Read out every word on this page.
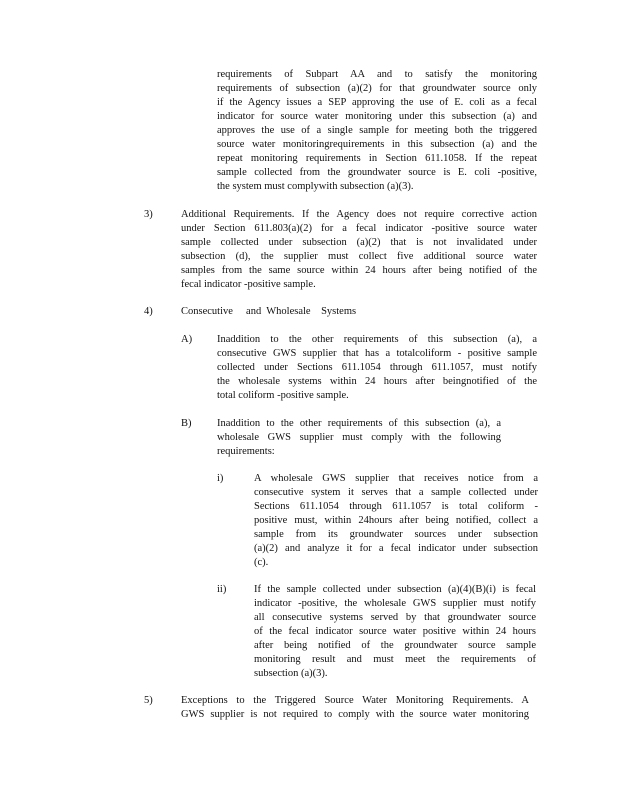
requirements of Subpart AA and to satisfy the monitoring
requirements of subsection (a)(2) for that groundwater source only
if the Agency issues a SEP approving the use of E. coli as a fecal
indicator for source water monitoring under this subsection (a) and
approves the use of a single sample for meeting both the triggered
source water monitoringrequirements in this subsection (a) and the
repeat monitoring requirements in Section 611.1058. If the repeat
sample collected from the groundwater source is E. coli -positive,
the system must complywith subsection (a)(3).
3)	Additional Requirements. If the Agency does not require corrective action
under Section 611.803(a)(2) for a fecal indicator -positive source water
sample collected under subsection (a)(2) that is not invalidated under
subsection (d), the supplier must collect five additional source water
samples from the same source within 24 hours after being notified of the
fecal indicator -positive sample.
4)	Consecutive     and  Wholesale    Systems
A) Inaddition to the other requirements of this subsection (a), a
consecutive GWS supplier that has a totalcoliform - positive sample
collected under Sections 611.1054 through 611.1057, must notify
the wholesale systems within 24 hours after beingnotified of the
total coliform -positive sample.
B) Inaddition to the other requirements of this subsection (a), a
wholesale GWS supplier must comply with the following
requirements:
i)	A wholesale GWS supplier that receives notice from a
consecutive system it serves that a sample collected under
Sections 611.1054 through 611.1057 is total coliform -
positive must, within 24hours after being notified, collect a
sample from its groundwater sources under subsection
(a)(2) and analyze it for a fecal indicator under subsection
(c).
ii)	If the sample collected under subsection (a)(4)(B)(i) is fecal
indicator -positive, the wholesale GWS supplier must notify
all consecutive systems served by that groundwater source
of the fecal indicator source water positive within 24 hours
after being notified of the groundwater source sample
monitoring result and must meet the requirements of
subsection (a)(3).
5)	Exceptions to the Triggered Source Water Monitoring Requirements. A
GWS supplier is not required to comply with the source water monitoring
